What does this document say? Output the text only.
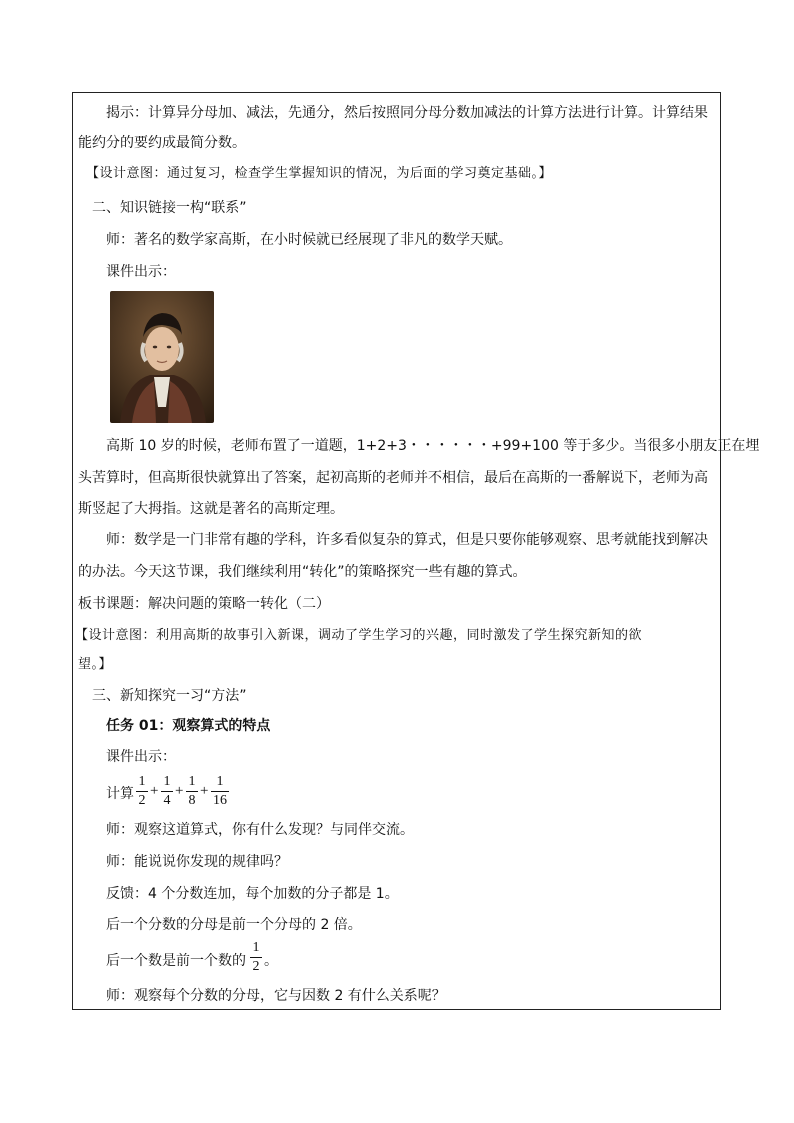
揭示：计算异分母加、减法，先通分，然后按照同分母分数加减法的计算方法进行计算。计算结果
能约分的要约成最简分数。
【设计意图：通过复习，检查学生掌握知识的情况，为后面的学习奠定基础。】
二、知识链接一构“联系”
师：著名的数学家高斯，在小时候就已经展现了非凡的数学天赋。
课件出示：
高斯 10 岁的时候，老师布置了一道题，1+2+3・・・・・・+99+100 等于多少。当很多小朋友正在埋
头苦算时，但高斯很快就算出了答案，起初高斯的老师并不相信，最后在高斯的一番解说下，老师为高
斯竖起了大拇指。这就是著名的高斯定理。
师：数学是一门非常有趣的学科，许多看似复杂的算式，但是只要你能够观察、思考就能找到解决
的办法。今天这节课，我们继续利用“转化”的策略探究一些有趣的算式。
板书课题：解决问题的策略一转化（二）
【设计意图：利用高斯的故事引入新课，调动了学生学习的兴趣，同时激发了学生探究新知的欲
望。】
三、新知探究一习“方法”
任务 01：观察算式的特点
课件出示：
计算
1
2
+
1
4
+
1
8
+
1
16
师：观察这道算式，你有什么发现？与同伴交流。
师：能说说你发现的规律吗？
反馈：4 个分数连加，每个加数的分子都是 1。
后一个分数的分母是前一个分母的 2 倍。
后一个数是前一个数的
1
2 。
师：观察每个分数的分母，它与因数 2 有什么关系呢？
